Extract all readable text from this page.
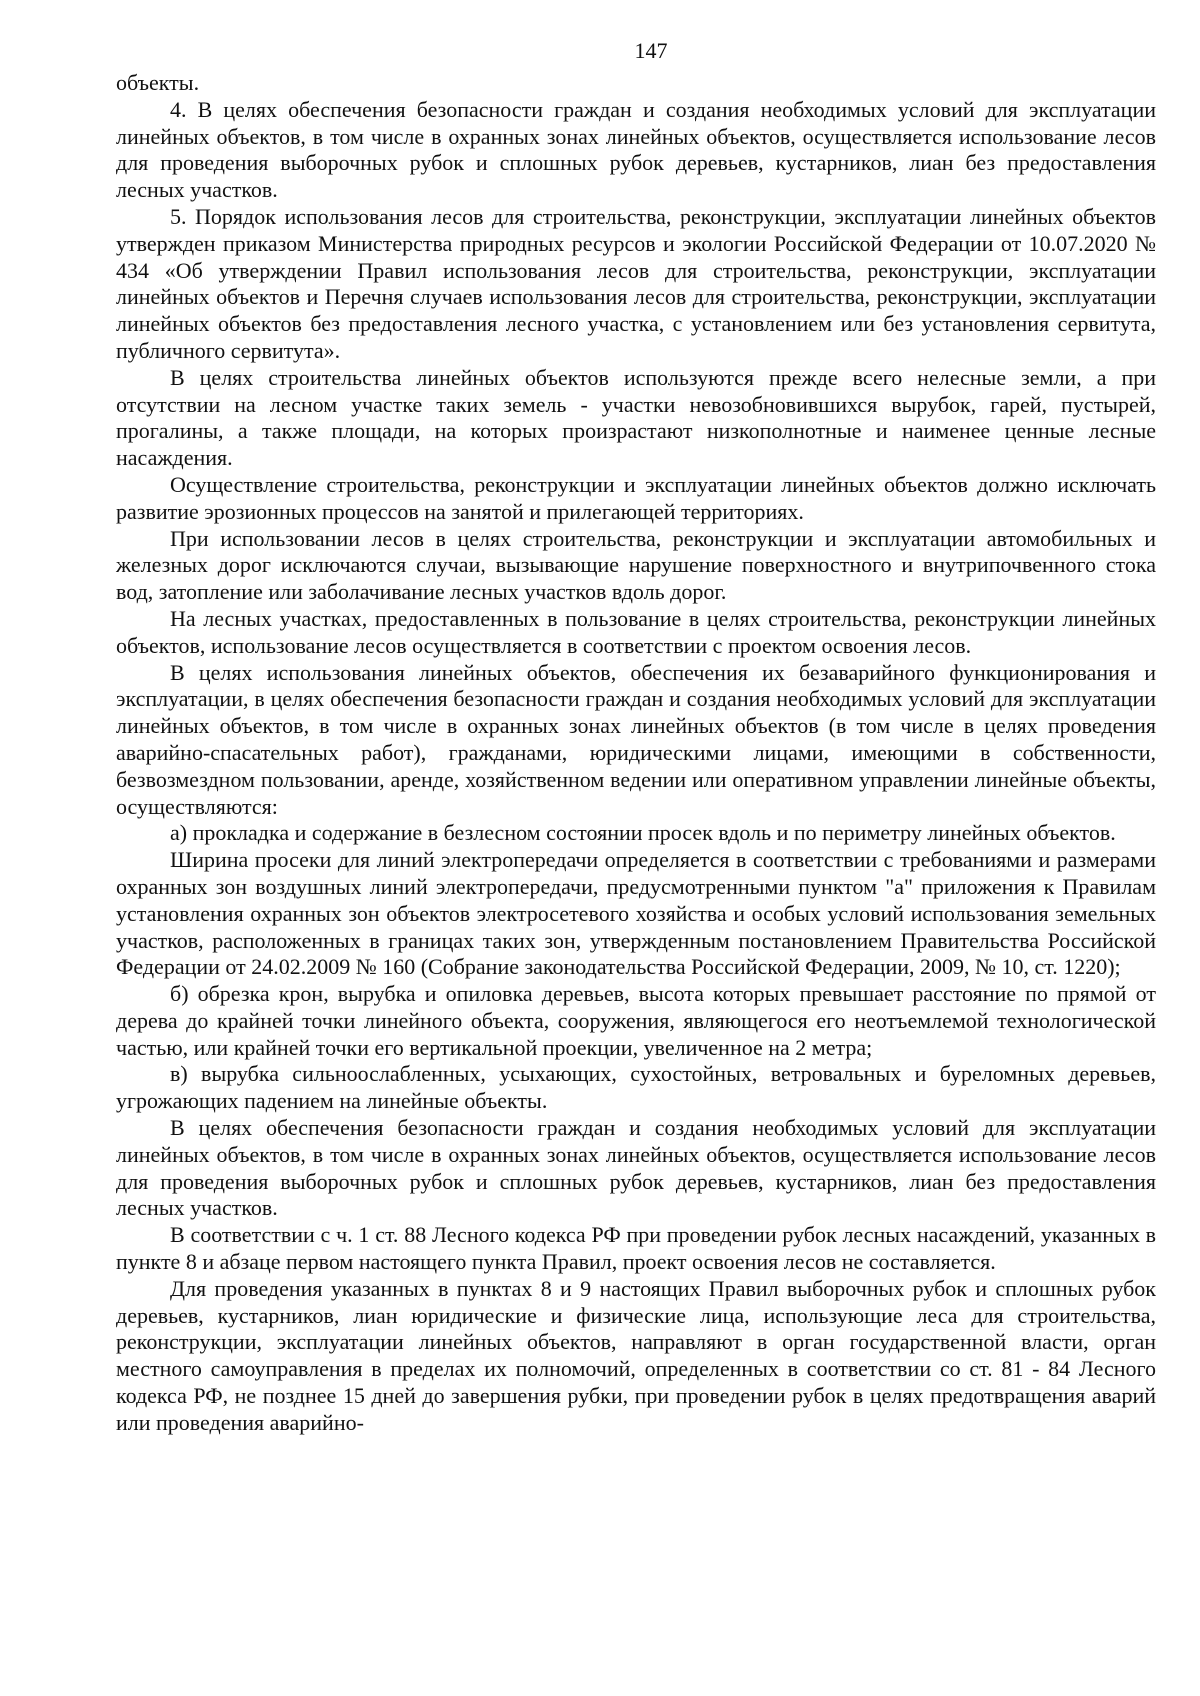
147

объекты.

4. В целях обеспечения безопасности граждан и создания необходимых условий для эксплуатации линейных объектов, в том числе в охранных зонах линейных объектов, осуществляется использование лесов для проведения выборочных рубок и сплошных рубок деревьев, кустарников, лиан без предоставления лесных участков.

5. Порядок использования лесов для строительства, реконструкции, эксплуатации линейных объектов утвержден приказом Министерства природных ресурсов и экологии Российской Федерации от 10.07.2020 № 434 «Об утверждении Правил использования лесов для строительства, реконструкции, эксплуатации линейных объектов и Перечня случаев использования лесов для строительства, реконструкции, эксплуатации линейных объектов без предоставления лесного участка, с установлением или без установления сервитута, публичного сервитута».

В целях строительства линейных объектов используются прежде всего нелесные земли, а при отсутствии на лесном участке таких земель - участки невозобновившихся вырубок, гарей, пустырей, прогалины, а также площади, на которых произрастают низкополнотные и наименее ценные лесные насаждения.

Осуществление строительства, реконструкции и эксплуатации линейных объектов должно исключать развитие эрозионных процессов на занятой и прилегающей территориях.

При использовании лесов в целях строительства, реконструкции и эксплуатации автомобильных и железных дорог исключаются случаи, вызывающие нарушение поверхностного и внутрипочвенного стока вод, затопление или заболачивание лесных участков вдоль дорог.

На лесных участках, предоставленных в пользование в целях строительства, реконструкции линейных объектов, использование лесов осуществляется в соответствии с проектом освоения лесов.

В целях использования линейных объектов, обеспечения их безаварийного функционирования и эксплуатации, в целях обеспечения безопасности граждан и создания необходимых условий для эксплуатации линейных объектов, в том числе в охранных зонах линейных объектов (в том числе в целях проведения аварийно-спасательных работ), гражданами, юридическими лицами, имеющими в собственности, безвозмездном пользовании, аренде, хозяйственном ведении или оперативном управлении линейные объекты, осуществляются:

а) прокладка и содержание в безлесном состоянии просек вдоль и по периметру линейных объектов.

Ширина просеки для линий электропередачи определяется в соответствии с требованиями и размерами охранных зон воздушных линий электропередачи, предусмотренными пунктом "а" приложения к Правилам установления охранных зон объектов электросетевого хозяйства и особых условий использования земельных участков, расположенных в границах таких зон, утвержденным постановлением Правительства Российской Федерации от 24.02.2009 № 160 (Собрание законодательства Российской Федерации, 2009, № 10, ст. 1220);

б) обрезка крон, вырубка и опиловка деревьев, высота которых превышает расстояние по прямой от дерева до крайней точки линейного объекта, сооружения, являющегося его неотъемлемой технологической частью, или крайней точки его вертикальной проекции, увеличенное на 2 метра;

в) вырубка сильноослабленных, усыхающих, сухостойных, ветровальных и буреломных деревьев, угрожающих падением на линейные объекты.

В целях обеспечения безопасности граждан и создания необходимых условий для эксплуатации линейных объектов, в том числе в охранных зонах линейных объектов, осуществляется использование лесов для проведения выборочных рубок и сплошных рубок деревьев, кустарников, лиан без предоставления лесных участков.

В соответствии с ч. 1 ст. 88 Лесного кодекса РФ при проведении рубок лесных насаждений, указанных в пункте 8 и абзаце первом настоящего пункта Правил, проект освоения лесов не составляется.

Для проведения указанных в пунктах 8 и 9 настоящих Правил выборочных рубок и сплошных рубок деревьев, кустарников, лиан юридические и физические лица, использующие леса для строительства, реконструкции, эксплуатации линейных объектов, направляют в орган государственной власти, орган местного самоуправления в пределах их полномочий, определенных в соответствии со ст. 81 - 84 Лесного кодекса РФ, не позднее 15 дней до завершения рубки, при проведении рубок в целях предотвращения аварий или проведения аварийно-
